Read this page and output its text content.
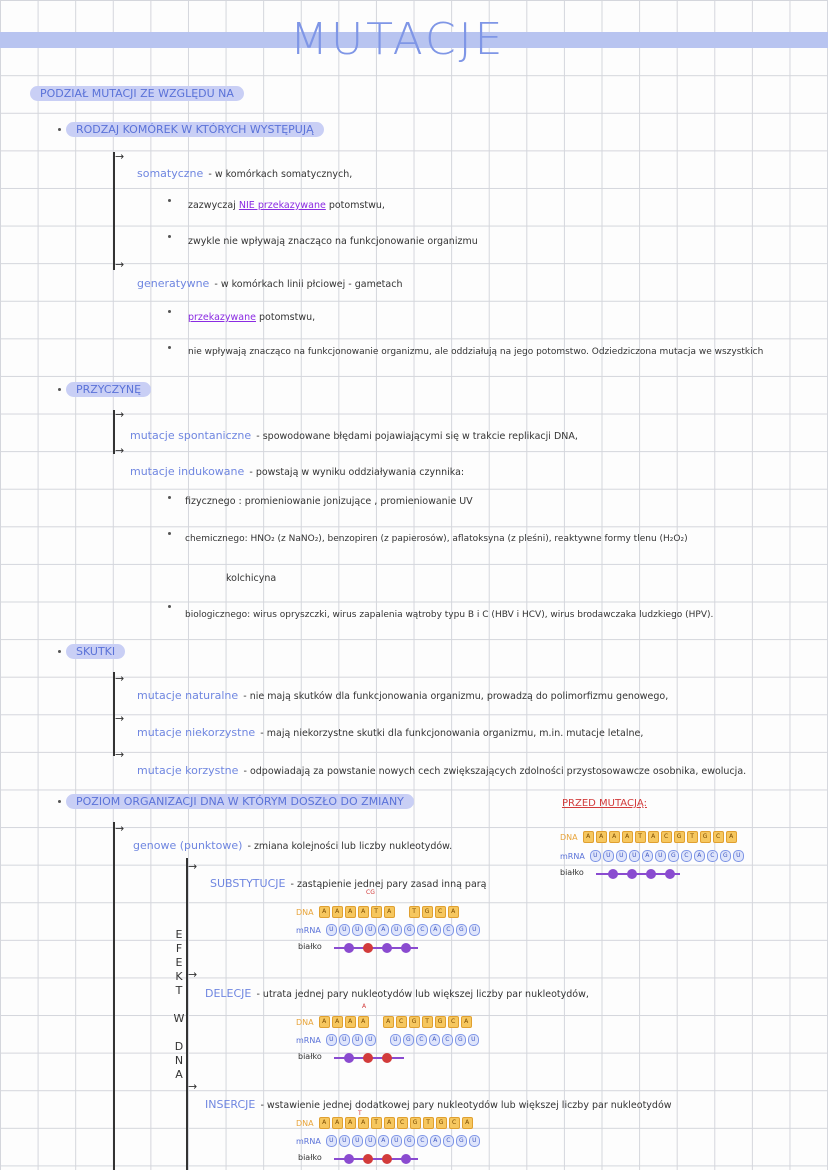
MUTACJE
PODZIAŁ MUTACJI ZE WZGLĘDU NA
RODZAJ KOMÓREK W KTÓRYCH WYSTĘPUJĄ
→
somatyczne - w komórkach somatycznych,
zazwyczaj NIE przekazywane potomstwu,
zwykle nie wpływają znacząco na funkcjonowanie organizmu
→
generatywne - w komórkach linii płciowej - gametach
przekazywane potomstwu,
nie wpływają znacząco na funkcjonowanie organizmu, ale oddziałują na jego potomstwo. Odziedziczona mutacja we wszystkich
PRZYCZYNĘ
→
mutacje spontaniczne - spowodowane błędami pojawiającymi się w trakcie replikacji DNA,
→
mutacje indukowane - powstają w wyniku oddziaływania czynnika:
fizycznego : promieniowanie jonizujące , promieniowanie UV
chemicznego: HNO₂ (z NaNO₂), benzopiren (z papierosów), aflatoksyna (z pleśni), reaktywne formy tlenu (H₂O₂)
kolchicyna
biologicznego: wirus opryszczki, wirus zapalenia wątroby typu B i C (HBV i HCV), wirus brodawczaka ludzkiego (HPV).
SKUTKI
→
mutacje naturalne - nie mają skutków dla funkcjonowania organizmu, prowadzą do polimorfizmu genowego,
→
mutacje niekorzystne - mają niekorzystne skutki dla funkcjonowania organizmu, m.in. mutacje letalne,
→
mutacje korzystne - odpowiadają za powstanie nowych cech zwiększających zdolności przystosowawcze osobnika, ewolucja.
POZIOM ORGANIZACJI DNA W KTÓRYM DOSZŁO DO ZMIANY	PRZED MUTACJĄ:
→
genowe (punktowe) - zmiana kolejności lub liczby nukleotydów.
DNA	A	A	A	A	T	A	C	G	T	G	C	A
mRNA	U	U	U	U	A	U	G	C	A	C	G	U
białko
→
SUBSTYTUCJE - zastąpienie jednej pary zasad inną parą
CG
DNA	A	A	A	A	T	A	T	G	C	A
mRNA	U	U	U	U	A	U	G	C	A	C	G	U
białko
E
F
E
K
T

W

D
N
A
→
DELECJE - utrata jednej pary nukleotydów lub większej liczby par nukleotydów,
A
DNA	A	A	A	A	A	C	G	T	G	C	A
mRNA	U	U	U	U	U	G	C	A	C	G	U
białko
→
INSERCJE - wstawienie jednej dodatkowej pary nukleotydów lub większej liczby par nukleotydów
T
DNA	A	A	A	A	T	A	C	G	T	G	C	A
mRNA	U	U	U	U	A	U	G	C	A	C	G	U
białko
